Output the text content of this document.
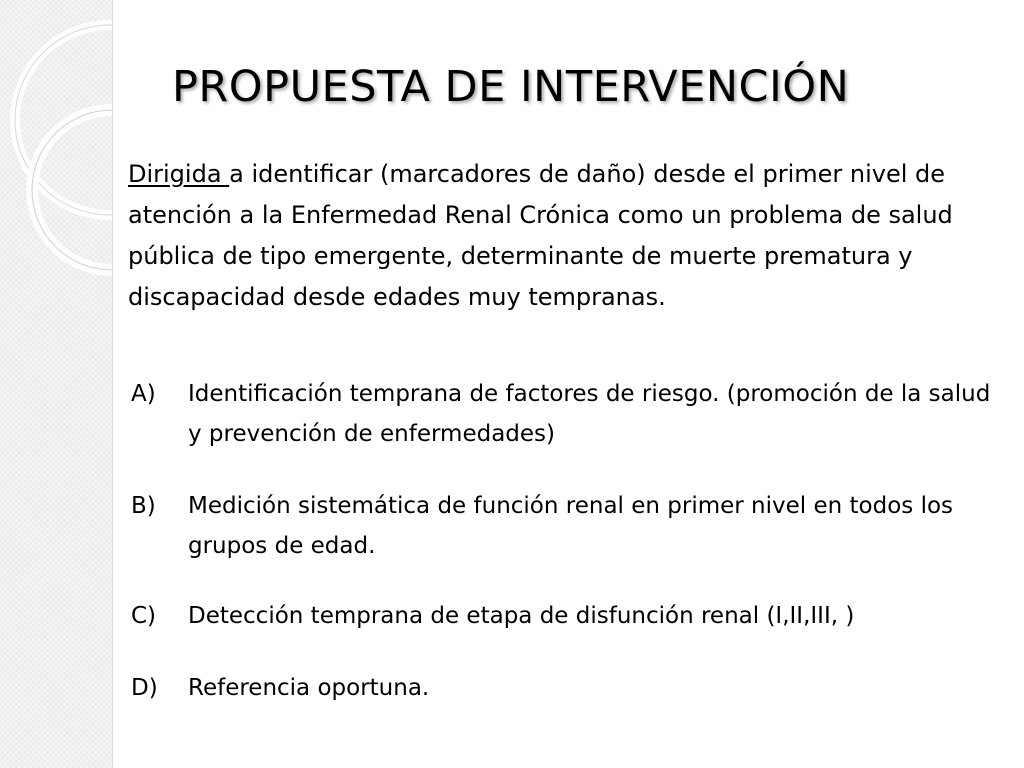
PROPUESTA DE INTERVENCIÓN

Dirigida a identificar (marcadores de daño) desde el primer nivel de atención a la Enfermedad Renal Crónica como un problema de salud pública de tipo emergente, determinante de muerte prematura y discapacidad desde edades muy tempranas.

A) Identificación temprana de factores de riesgo. (promoción de la salud y prevención de enfermedades)
B) Medición sistemática de función renal en primer nivel en todos los grupos de edad.
C) Detección temprana de etapa de disfunción renal (I,II,III, )
D) Referencia oportuna.
